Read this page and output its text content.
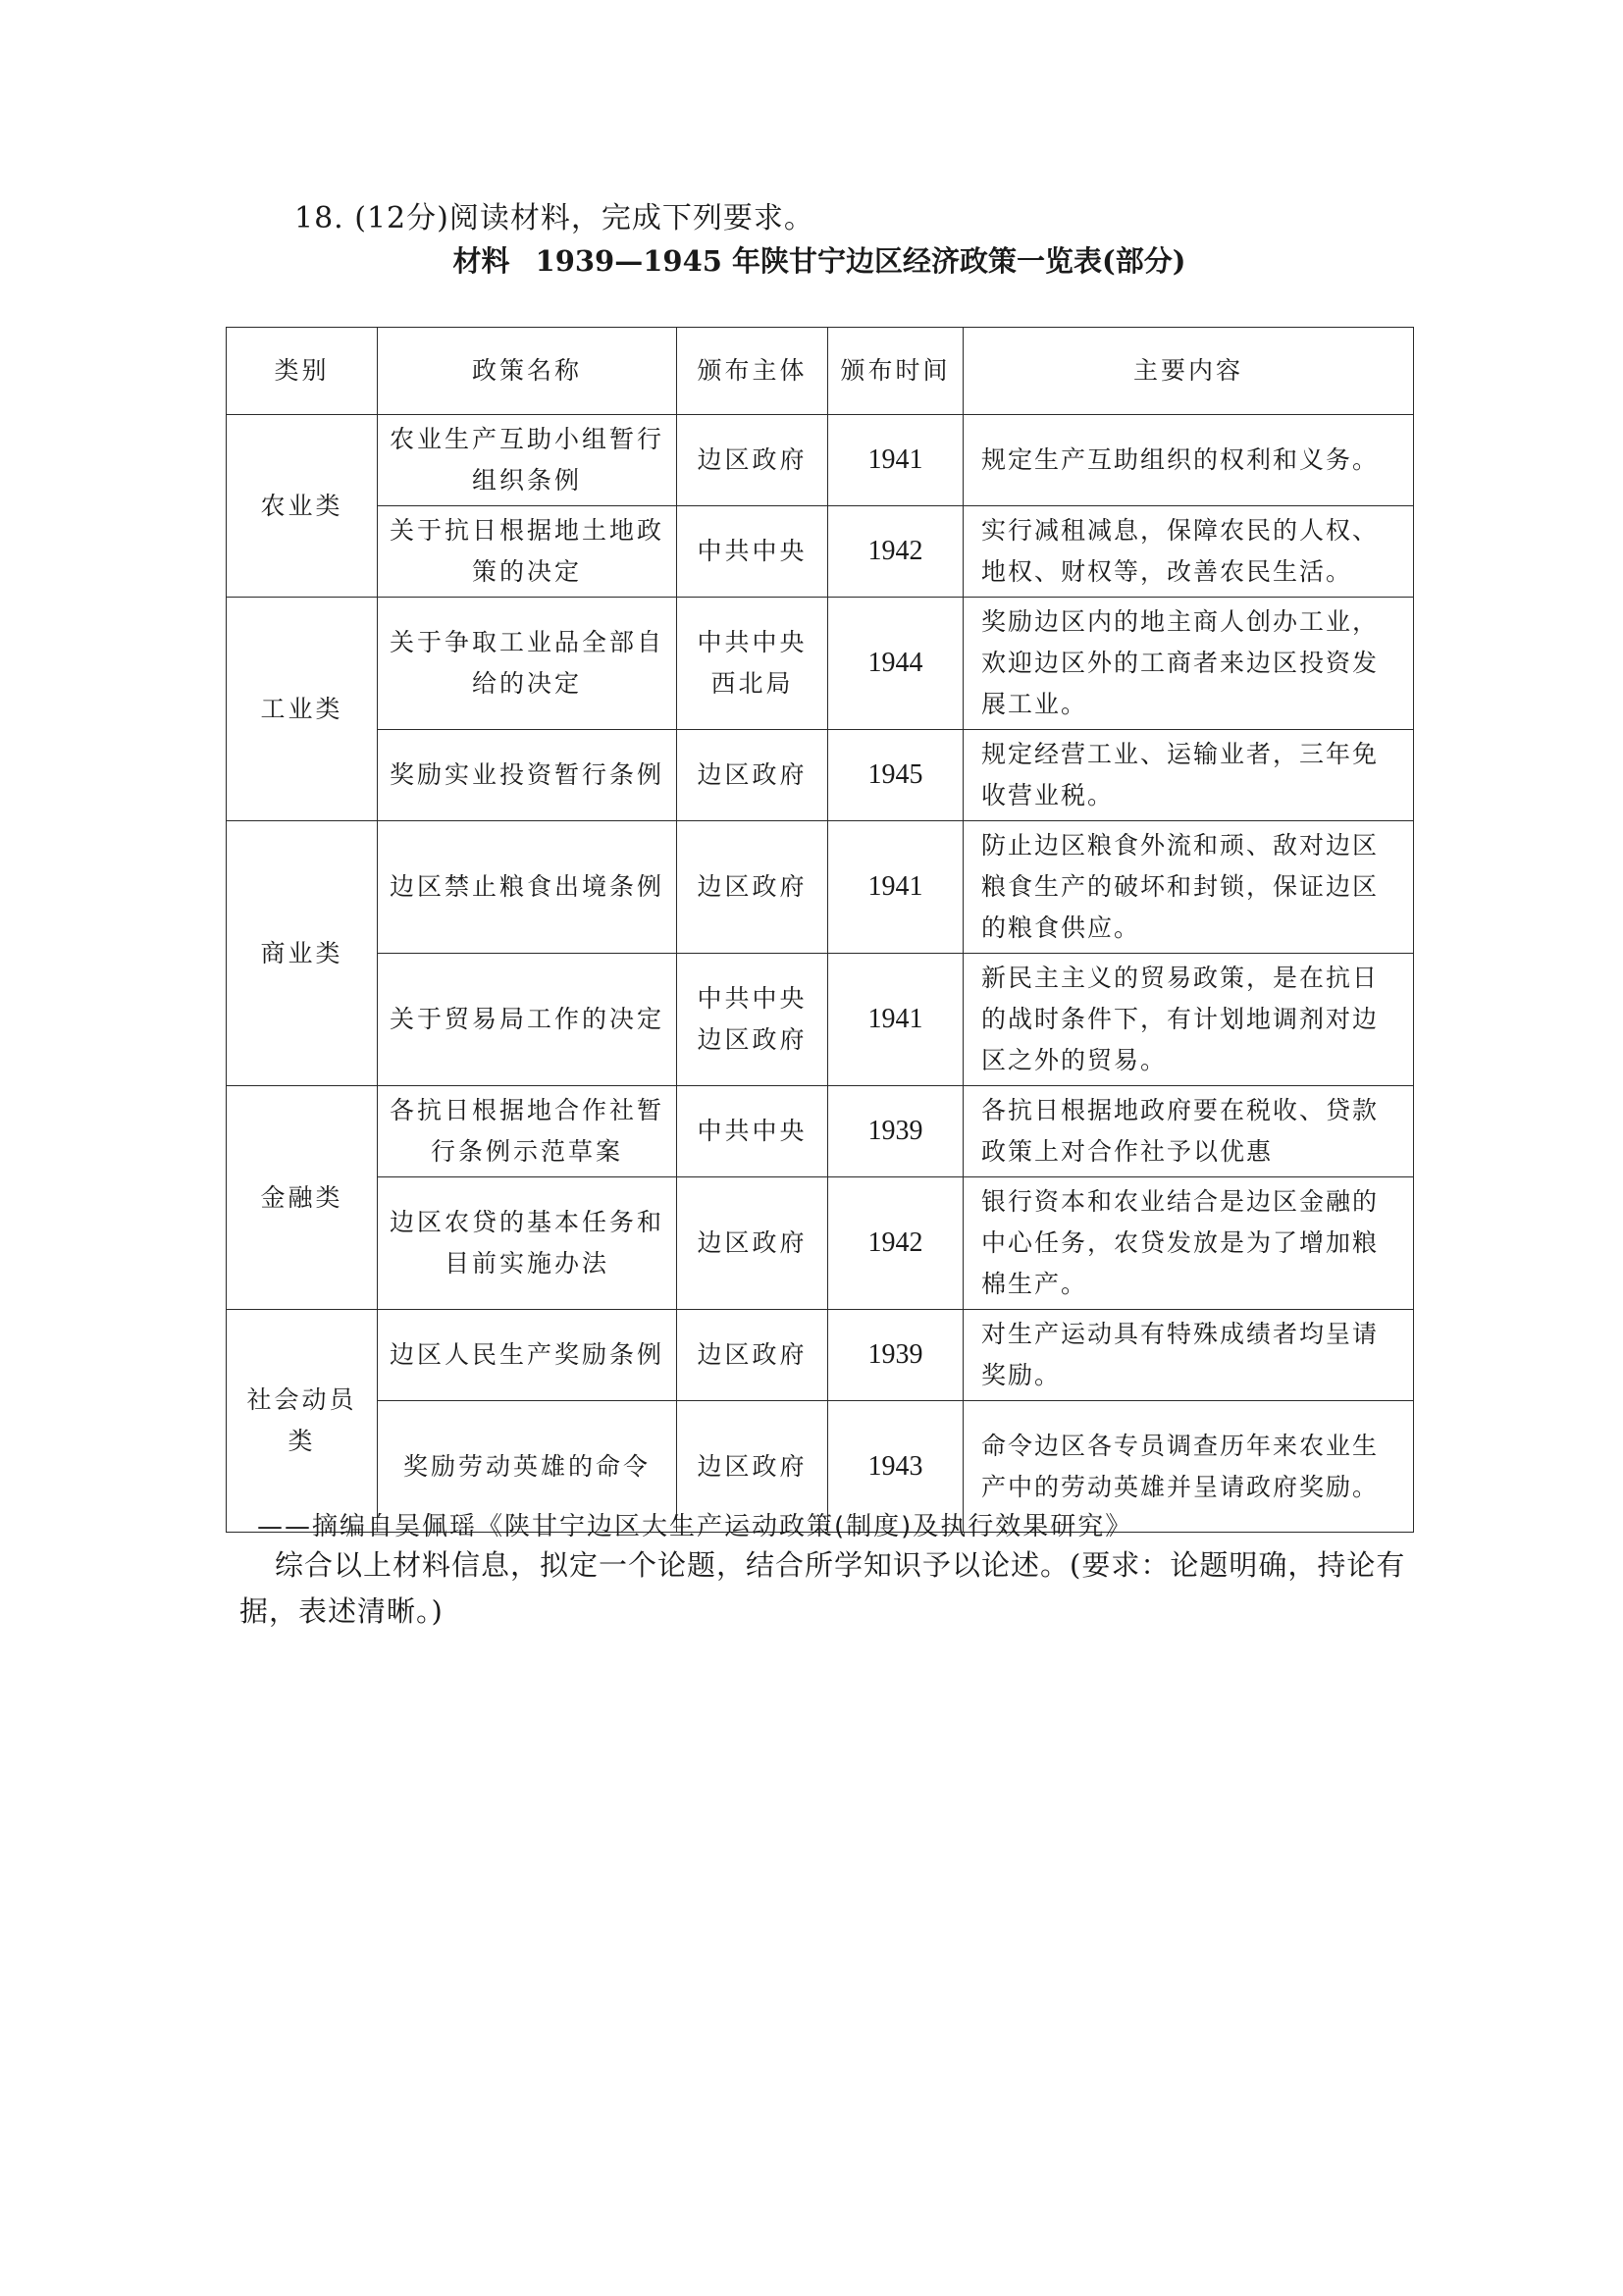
18. (12分)阅读材料，完成下列要求。
材料 1939—1945 年陕甘宁边区经济政策一览表(部分)
类别	政策名称	颁布主体	颁布时间	主要内容
农业类	农业生产互助小组暂行组织条例	边区政府	1941	规定生产互助组织的权利和义务。
	关于抗日根据地土地政策的决定	中共中央	1942	实行减租减息，保障农民的人权、地权、财权等，改善农民生活。
工业类	关于争取工业品全部自给的决定	中共中央西北局	1944	奖励边区内的地主商人创办工业，欢迎边区外的工商者来边区投资发展工业。
	奖励实业投资暂行条例	边区政府	1945	规定经营工业、运输业者，三年免收营业税。
商业类	边区禁止粮食出境条例	边区政府	1941	防止边区粮食外流和顽、敌对边区粮食生产的破坏和封锁，保证边区的粮食供应。
	关于贸易局工作的决定	中共中央边区政府	1941	新民主主义的贸易政策，是在抗日的战时条件下，有计划地调剂对边区之外的贸易。
金融类	各抗日根据地合作社暂行条例示范草案	中共中央	1939	各抗日根据地政府要在税收、贷款政策上对合作社予以优惠
	边区农贷的基本任务和目前实施办法	边区政府	1942	银行资本和农业结合是边区金融的中心任务，农贷发放是为了增加粮棉生产。
社会动员类	边区人民生产奖励条例	边区政府	1939	对生产运动具有特殊成绩者均呈请奖励。
	奖励劳动英雄的命令	边区政府	1943	命令边区各专员调查历年来农业生产中的劳动英雄并呈请政府奖励。
——摘编自吴佩瑶《陕甘宁边区大生产运动政策(制度)及执行效果研究》
综合以上材料信息，拟定一个论题，结合所学知识予以论述。(要求：论题明确，持论有据，表述清晰。)
